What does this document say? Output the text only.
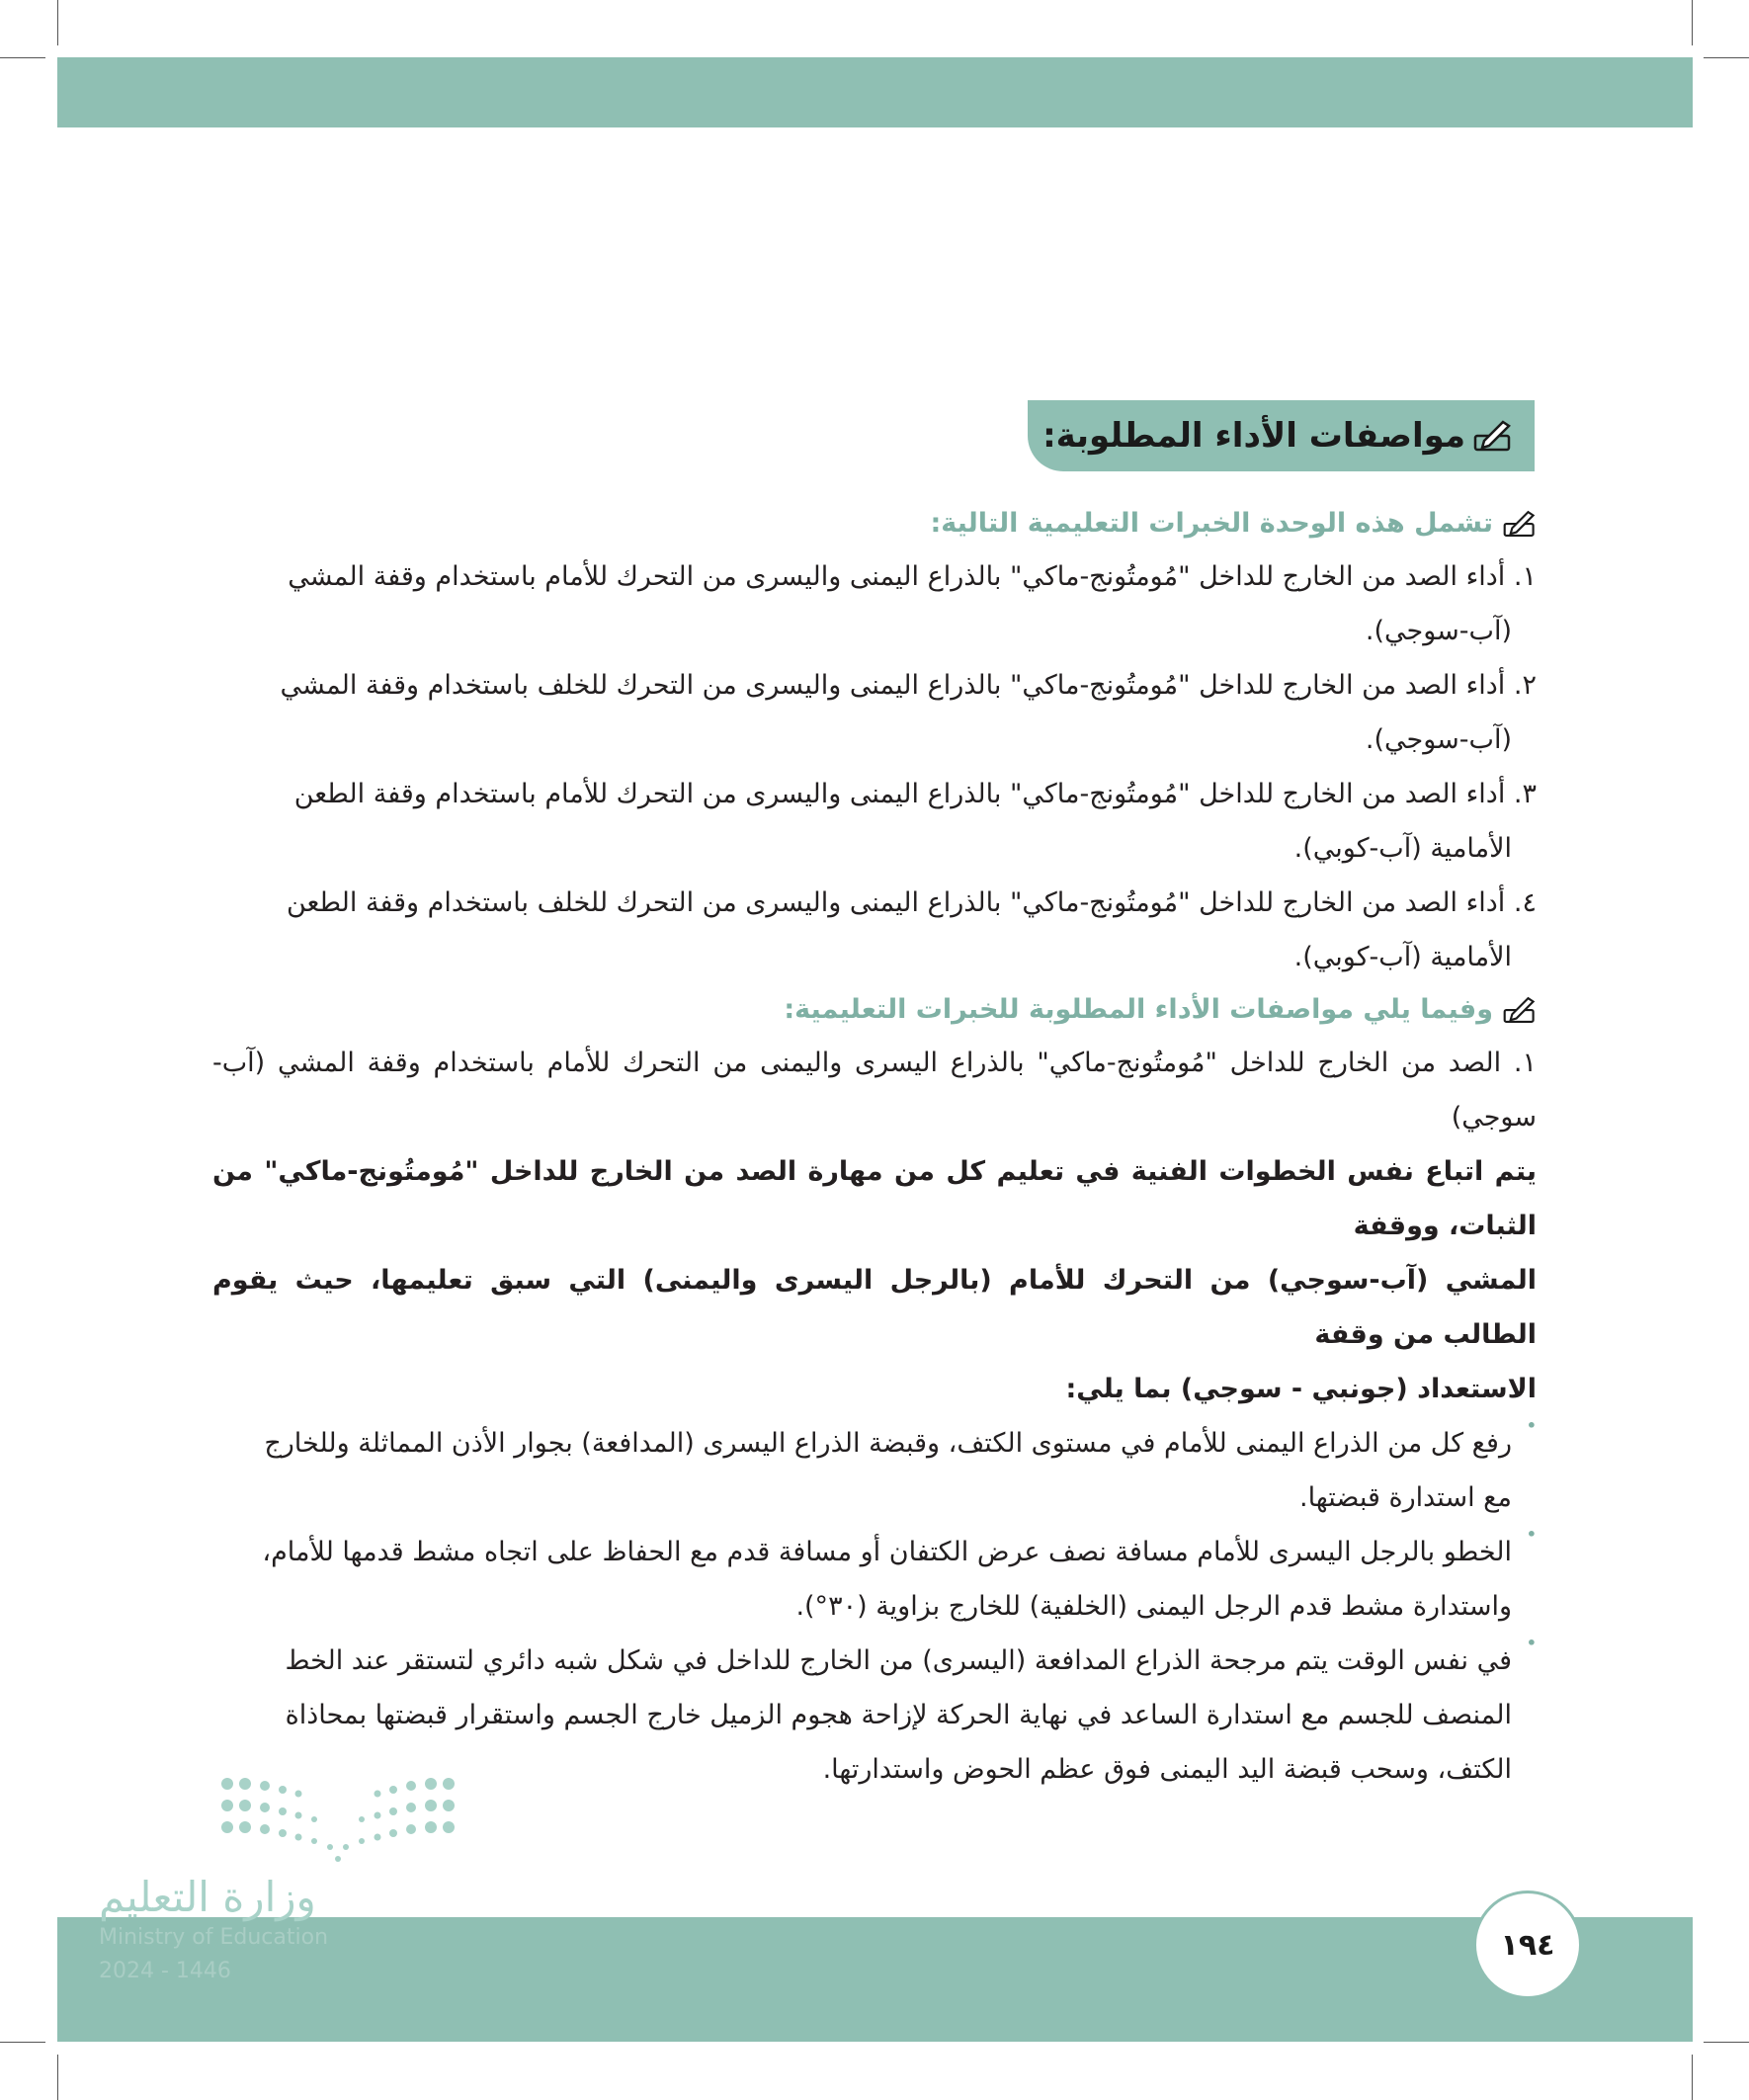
مواصفات الأداء المطلوبة:
تشمل هذه الوحدة الخبرات التعليمية التالية:
١. أداء الصد من الخارج للداخل "مُومتُونج-ماكي" بالذراع اليمنى واليسرى من التحرك للأمام باستخدام وقفة المشي
(آب-سوجي).
٢. أداء الصد من الخارج للداخل "مُومتُونج-ماكي" بالذراع اليمنى واليسرى من التحرك للخلف باستخدام وقفة المشي
(آب-سوجي).
٣. أداء الصد من الخارج للداخل "مُومتُونج-ماكي" بالذراع اليمنى واليسرى من التحرك للأمام باستخدام وقفة الطعن
الأمامية (آب-كوبي).
٤. أداء الصد من الخارج للداخل "مُومتُونج-ماكي" بالذراع اليمنى واليسرى من التحرك للخلف باستخدام وقفة الطعن
الأمامية (آب-كوبي).
وفيما يلي مواصفات الأداء المطلوبة للخبرات التعليمية:
١. الصد من الخارج للداخل "مُومتُونج-ماكي" بالذراع اليسرى واليمنى من التحرك للأمام باستخدام وقفة المشي (آب-سوجي)
يتم اتباع نفس الخطوات الفنية في تعليم كل من مهارة الصد من الخارج للداخل "مُومتُونج-ماكي" من الثبات، ووقفة
المشي (آب-سوجي) من التحرك للأمام (بالرجل اليسرى واليمنى) التي سبق تعليمها، حيث يقوم الطالب من وقفة
الاستعداد (جونبي - سوجي) بما يلي:
• رفع كل من الذراع اليمنى للأمام في مستوى الكتف، وقبضة الذراع اليسرى (المدافعة) بجوار الأذن المماثلة وللخارج
مع استدارة قبضتها.
• الخطو بالرجل اليسرى للأمام مسافة نصف عرض الكتفان أو مسافة قدم مع الحفاظ على اتجاه مشط قدمها للأمام،
واستدارة مشط قدم الرجل اليمنى (الخلفية) للخارج بزاوية (٣٠°).
• في نفس الوقت يتم مرجحة الذراع المدافعة (اليسرى) من الخارج للداخل في شكل شبه دائري لتستقر عند الخط
المنصف للجسم مع استدارة الساعد في نهاية الحركة لإزاحة هجوم الزميل خارج الجسم واستقرار قبضتها بمحاذاة
الكتف، وسحب قبضة اليد اليمنى فوق عظم الحوض واستدارتها.
وزارة التعليم
Ministry of Education
2024 - 1446
١٩٤
